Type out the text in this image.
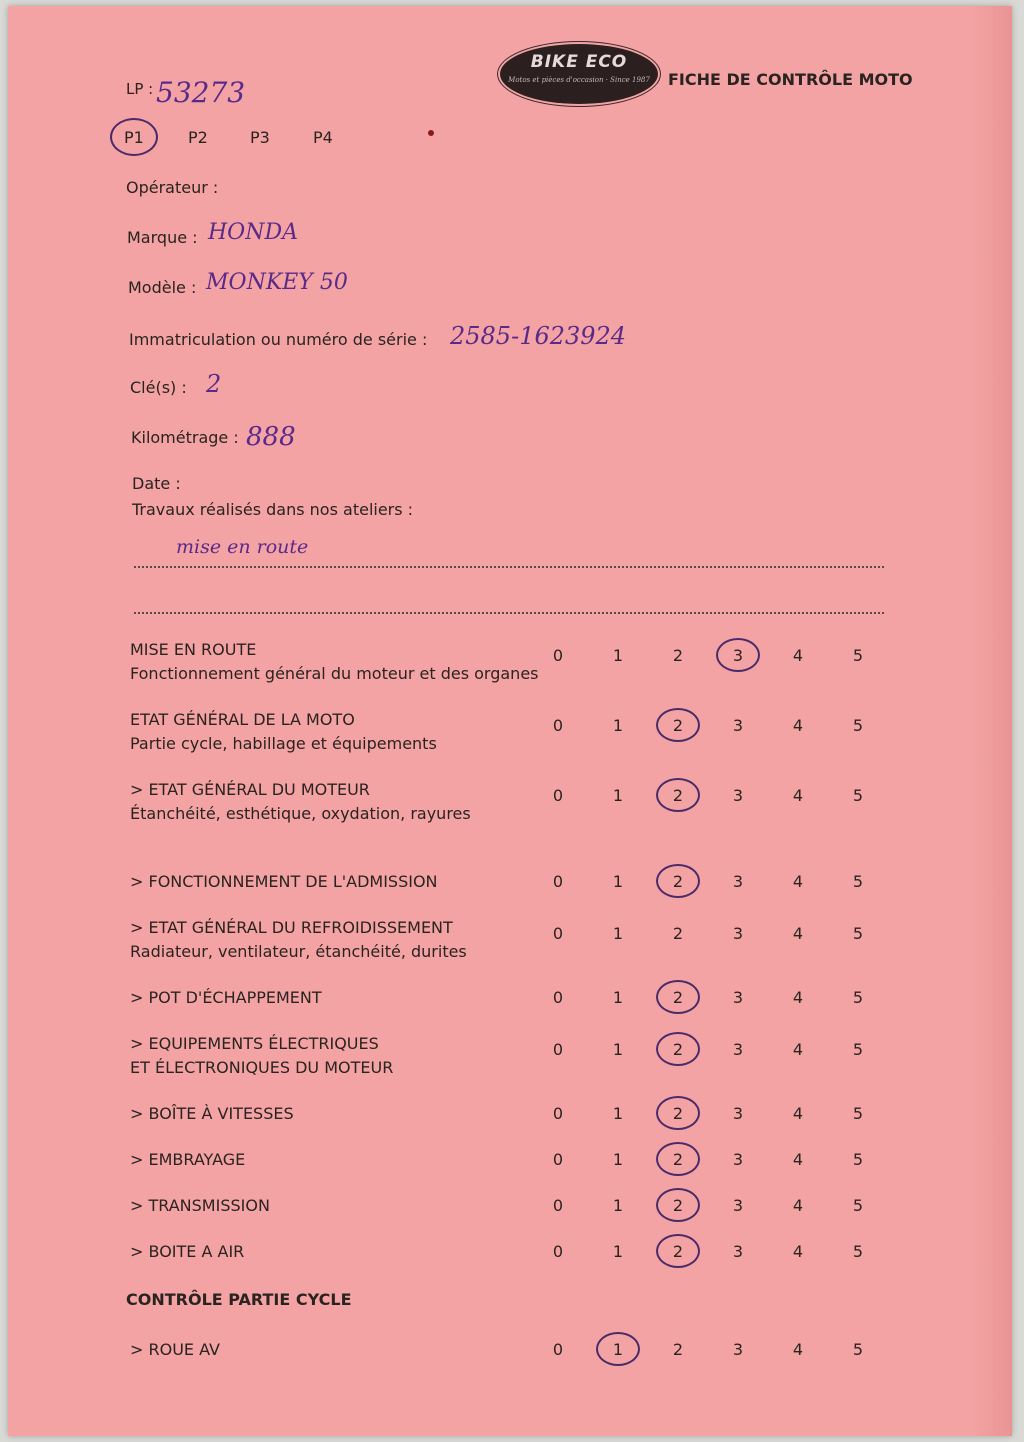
LP : 53273
BIKE ECO
Motos et pièces d'occasion · Since 1987	FICHE DE CONTRÔLE MOTO
P1	P2	P3	P4
Opérateur :
Marque : HONDA
Modèle : MONKEY 50
Immatriculation ou numéro de série : 2585-1623924
Clé(s) : 2
Kilométrage : 888
Date :
Travaux réalisés dans nos ateliers :
mise en route
MISE EN ROUTE
Fonctionnement général du moteur et des organes
0	1	2	3	4	5
ETAT GÉNÉRAL DE LA MOTO
Partie cycle, habillage et équipements
0	1	2	3	4	5
> ETAT GÉNÉRAL DU MOTEUR
Étanchéité, esthétique, oxydation, rayures
0	1	2	3	4	5
> FONCTIONNEMENT DE L'ADMISSION	0	1	2	3	4	5
> ETAT GÉNÉRAL DU REFROIDISSEMENT
Radiateur, ventilateur, étanchéité, durites
0	1	2	3	4	5
> POT D'ÉCHAPPEMENT	0	1	2	3	4	5
> EQUIPEMENTS ÉLECTRIQUES
ET ÉLECTRONIQUES DU MOTEUR
0	1	2	3	4	5
> BOÎTE À VITESSES	0	1	2	3	4	5
> EMBRAYAGE	0	1	2	3	4	5
> TRANSMISSION	0	1	2	3	4	5
> BOITE A AIR	0	1	2	3	4	5
CONTRÔLE PARTIE CYCLE
> ROUE AV	0	1	2	3	4	5
